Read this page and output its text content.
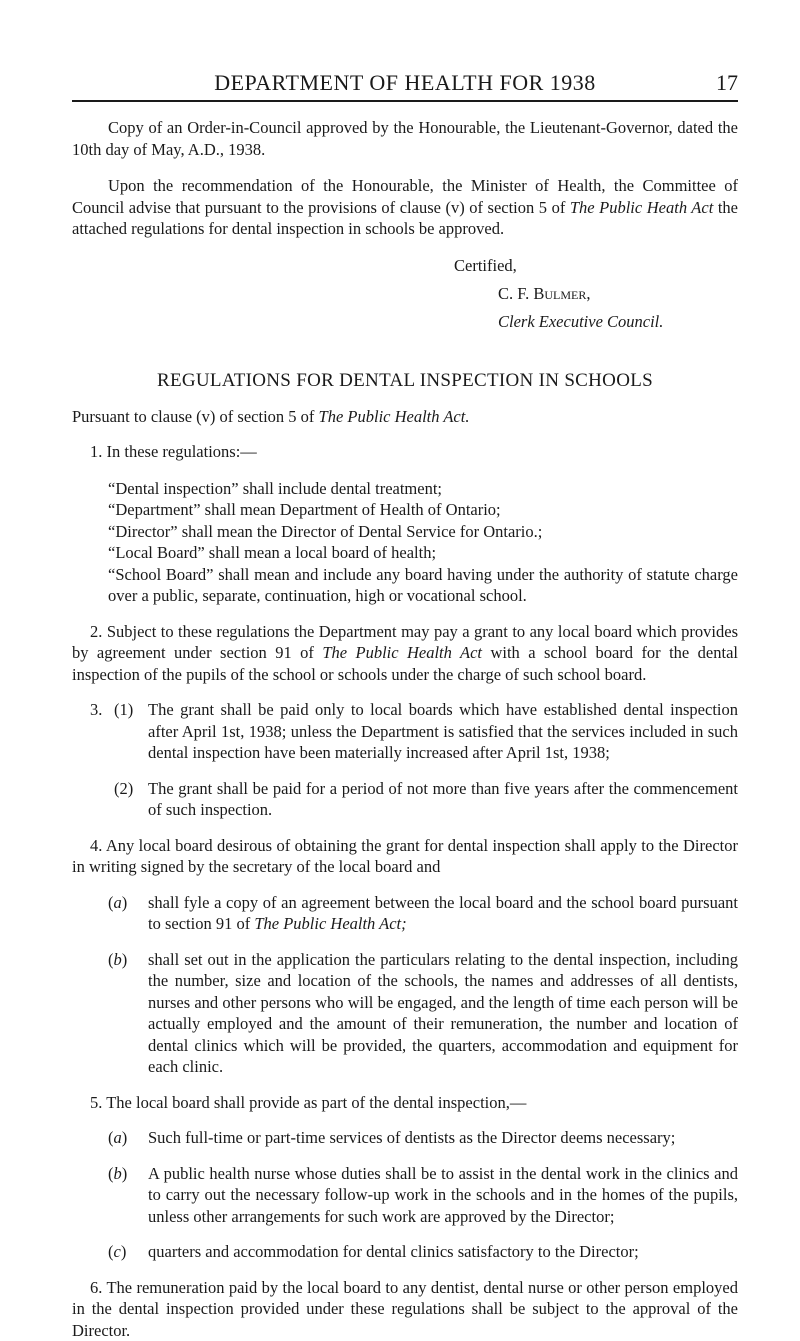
DEPARTMENT OF HEALTH FOR 1938	17

Copy of an Order-in-Council approved by the Honourable, the Lieutenant-Governor, dated the 10th day of May, A.D., 1938.

Upon the recommendation of the Honourable, the Minister of Health, the Committee of Council advise that pursuant to the provisions of clause (v) of section 5 of The Public Heath Act the attached regulations for dental inspection in schools be approved.

Certified,

C. F. Bulmer,

Clerk Executive Council.

REGULATIONS FOR DENTAL INSPECTION IN SCHOOLS

Pursuant to clause (v) of section 5 of The Public Health Act.

1. In these regulations:—

“Dental inspection” shall include dental treatment;

“Department” shall mean Department of Health of Ontario;

“Director” shall mean the Director of Dental Service for Ontario.;

“Local Board” shall mean a local board of health;

“School Board” shall mean and include any board having under the authority of statute charge over a public, separate, continuation, high or vocational school.

2. Subject to these regulations the Department may pay a grant to any local board which provides by agreement under section 91 of The Public Health Act with a school board for the dental inspection of the pupils of the school or schools under the charge of such school board.

3. (1) The grant shall be paid only to local boards which have established dental inspection after April 1st, 1938; unless the Department is satisfied that the services included in such dental inspection have been materially increased after April 1st, 1938;

(2) The grant shall be paid for a period of not more than five years after the commencement of such inspection.

4. Any local board desirous of obtaining the grant for dental inspection shall apply to the Director in writing signed by the secretary of the local board and

(a) shall fyle a copy of an agreement between the local board and the school board pursuant to section 91 of The Public Health Act;

(b) shall set out in the application the particulars relating to the dental inspection, including the number, size and location of the schools, the names and addresses of all dentists, nurses and other persons who will be engaged, and the length of time each person will be actually employed and the amount of their remuneration, the number and location of dental clinics which will be provided, the quarters, accommodation and equipment for each clinic.

5. The local board shall provide as part of the dental inspection,—

(a) Such full-time or part-time services of dentists as the Director deems necessary;

(b) A public health nurse whose duties shall be to assist in the dental work in the clinics and to carry out the necessary follow-up work in the schools and in the homes of the pupils, unless other arrangements for such work are approved by the Director;

(c) quarters and accommodation for dental clinics satisfactory to the Director;

6. The remuneration paid by the local board to any dentist, dental nurse or other person employed in the dental inspection provided under these regulations shall be subject to the approval of the Director.
